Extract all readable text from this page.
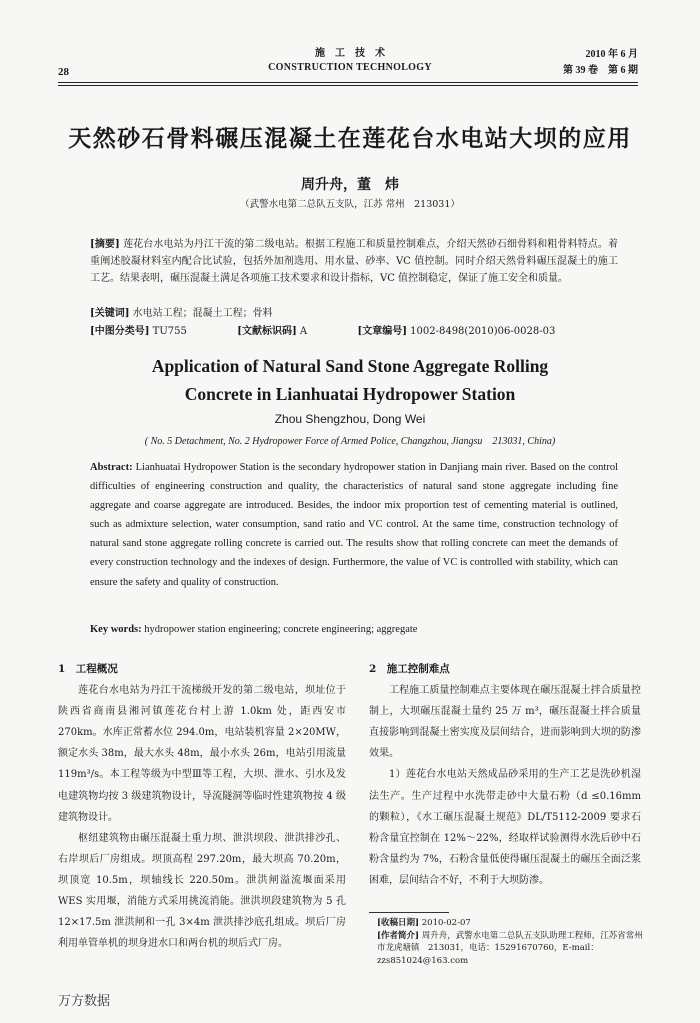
28
施　工　技　术
CONSTRUCTION TECHNOLOGY
2010 年 6 月
第 39 卷　第 6 期
天然砂石骨料碾压混凝土在莲花台水电站大坝的应用
周升舟，董　炜
（武警水电第二总队五支队，江苏 常州　213031）
[摘要] 莲花台水电站为丹江干流的第二级电站。根据工程施工和质量控制难点，介绍天然砂石细骨料和粗骨料特点。着重阐述胶凝材料室内配合比试验，包括外加剂选用、用水量、砂率、VC 值控制。同时介绍天然骨料碾压混凝土的施工工艺。结果表明，碾压混凝土满足各项施工技术要求和设计指标，VC 值控制稳定，保证了施工安全和质量。
[关键词] 水电站工程；混凝土工程；骨料
[中图分类号] TU755	[文献标识码] A	[文章编号] 1002-8498(2010)06-0028-03
Application of Natural Sand Stone Aggregate Rolling
Concrete in Lianhuatai Hydropower Station
Zhou Shengzhou, Dong Wei
( No. 5 Detachment, No. 2 Hydropower Force of Armed Police, Changzhou, Jiangsu　213031, China)
Abstract: Lianhuatai Hydropower Station is the secondary hydropower station in Danjiang main river. Based on the control difficulties of engineering construction and quality, the characteristics of natural sand stone aggregate including fine aggregate and coarse aggregate are introduced. Besides, the indoor mix proportion test of cementing material is outlined, such as admixture selection, water consumption, sand ratio and VC control. At the same time, construction technology of natural sand stone aggregate rolling concrete is carried out. The results show that rolling concrete can meet the demands of every construction technology and the indexes of design. Furthermore, the value of VC is controlled with stability, which can ensure the safety and quality of construction.
Key words: hydropower station engineering; concrete engineering; aggregate
1　工程概况

莲花台水电站为丹江干流梯级开发的第二级电站，坝址位于陕西省商南县湘河镇莲花台村上游 1.0km 处，距西安市 270km。水库正常蓄水位 294.0m，电站装机容量 2×20MW，额定水头 38m，最大水头 48m，最小水头 26m，电站引用流量 119m³/s。本工程等级为中型Ⅲ等工程，大坝、泄水、引水及发电建筑物均按 3 级建筑物设计，导流隧洞等临时性建筑物按 4 级建筑物设计。

枢纽建筑物由碾压混凝土重力坝、泄洪坝段、泄洪排沙孔、右岸坝后厂房组成。坝顶高程 297.20m，最大坝高 70.20m，坝顶宽 10.5m，坝轴线长 220.50m。泄洪闸溢流堰面采用 WES 实用堰，消能方式采用挑流消能。泄洪坝段建筑物为 5 孔 12×17.5m 泄洪闸和一孔 3×4m 泄洪排沙底孔组成。坝后厂房利用单管单机的坝身进水口和两台机的坝后式厂房。

2　施工控制难点

工程施工质量控制难点主要体现在碾压混凝土拌合质量控制上，大坝碾压混凝土量约 25 万 m³，碾压混凝土拌合质量直接影响到混凝土密实度及层间结合，进而影响到大坝的防渗效果。

1）莲花台水电站天然成品砂采用的生产工艺是洗砂机湿法生产。生产过程中水洗带走砂中大量石粉（d ≤0.16mm 的颗粒），《水工碾压混凝土规范》DL/T5112-2009 要求石粉含量宜控制在 12%～22%，经取样试验测得水洗后砂中石粉含量约为 7%，石粉含量低使得碾压混凝土的碾压全面泛浆困难，层间结合不好，不利于大坝防渗。

[收稿日期] 2010-02-07
[作者简介] 周升舟，武警水电第二总队五支队助理工程师，江苏省常州市龙虎塘镇　213031，电话：15291670760，E-mail：zzs851024@163.com
万方数据
